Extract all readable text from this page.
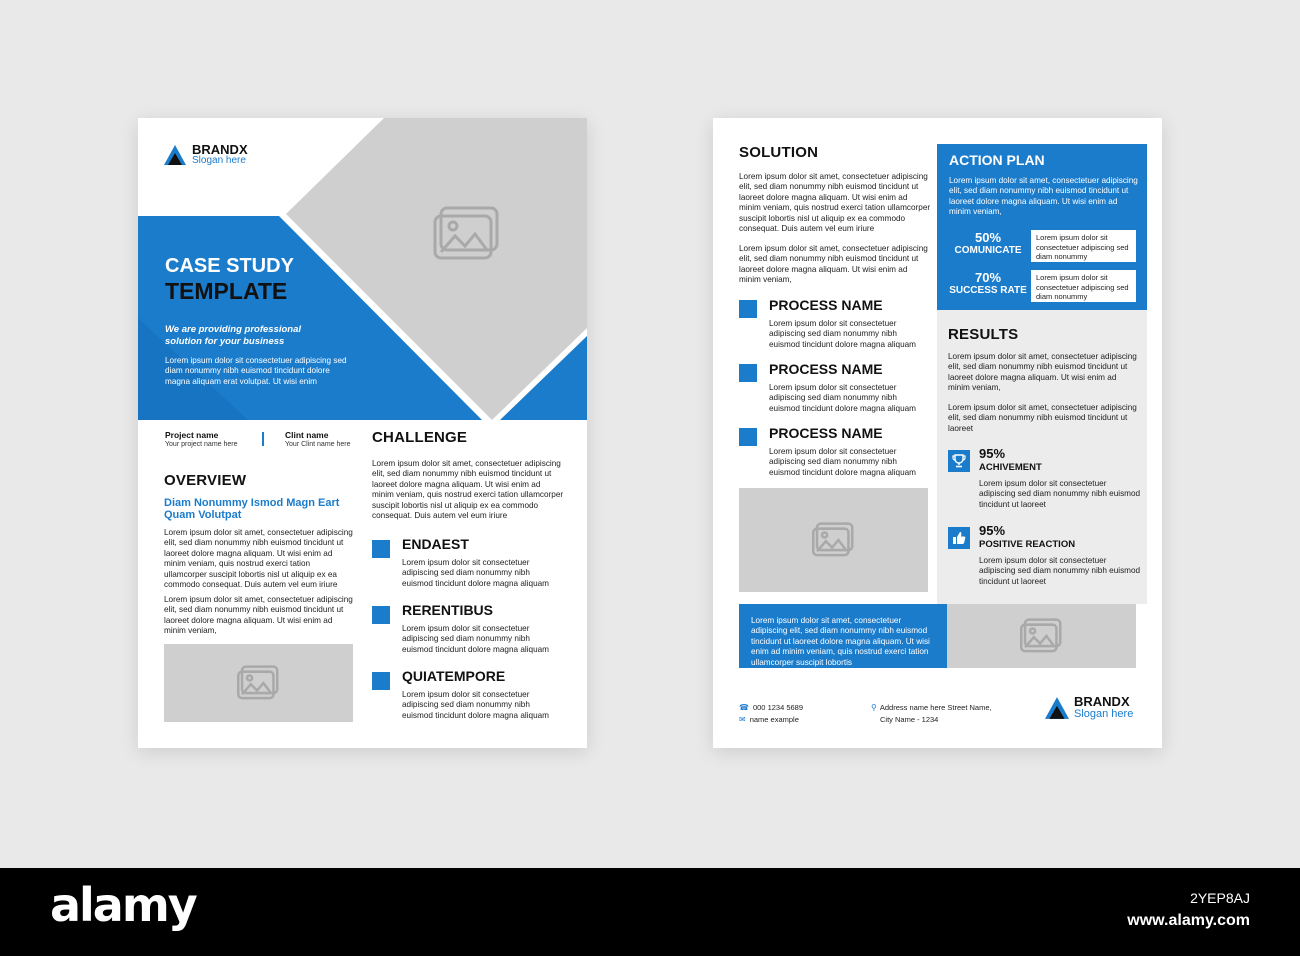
BRANDX
Slogan here
CASE STUDY
TEMPLATE
We are providing professional
solution for your business
Lorem ipsum dolor sit consectetuer adipiscing sed diam nonummy nibh euismod tincidunt dolore magna aliquam erat volutpat. Ut wisi enim
Project name
Your project name here
Clint name
Your Clint name here
OVERVIEW
Diam Nonummy Ismod Magn Eart Quam Volutpat
Lorem ipsum dolor sit amet, consectetuer adipiscing elit, sed diam nonummy nibh euismod tincidunt ut laoreet dolore magna aliquam. Ut wisi enim ad minim veniam, quis nostrud exerci tation ullamcorper suscipit lobortis nisl ut aliquip ex ea commodo consequat. Duis autem vel eum iriure
Lorem ipsum dolor sit amet, consectetuer adipiscing elit, sed diam nonummy nibh euismod tincidunt ut laoreet dolore magna aliquam. Ut wisi enim ad minim veniam,
CHALLENGE
Lorem ipsum dolor sit amet, consectetuer adipiscing elit, sed diam nonummy nibh euismod tincidunt ut laoreet dolore magna aliquam. Ut wisi enim ad minim veniam, quis nostrud exerci tation ullamcorper suscipit lobortis nisl ut aliquip ex ea commodo consequat. Duis autem vel eum iriure
ENDAEST
Lorem ipsum dolor sit consectetuer adipiscing sed diam nonummy nibh euismod tincidunt dolore magna aliquam
RERENTIBUS
Lorem ipsum dolor sit consectetuer adipiscing sed diam nonummy nibh euismod tincidunt dolore magna aliquam
QUIATEMPORE
Lorem ipsum dolor sit consectetuer adipiscing sed diam nonummy nibh euismod tincidunt dolore magna aliquam
SOLUTION
Lorem ipsum dolor sit amet, consectetuer adipiscing elit, sed diam nonummy nibh euismod tincidunt ut laoreet dolore magna aliquam. Ut wisi enim ad minim veniam, quis nostrud exerci tation ullamcorper suscipit lobortis nisl ut aliquip ex ea commodo consequat. Duis autem vel eum iriure
Lorem ipsum dolor sit amet, consectetuer adipiscing elit, sed diam nonummy nibh euismod tincidunt ut laoreet dolore magna aliquam. Ut wisi enim ad minim veniam,
PROCESS NAME
Lorem ipsum dolor sit consectetuer adipiscing sed diam nonummy nibh euismod tincidunt dolore magna aliquam
PROCESS NAME
Lorem ipsum dolor sit consectetuer adipiscing sed diam nonummy nibh euismod tincidunt dolore magna aliquam
PROCESS NAME
Lorem ipsum dolor sit consectetuer adipiscing sed diam nonummy nibh euismod tincidunt dolore magna aliquam
ACTION PLAN
Lorem ipsum dolor sit amet, consectetuer adipiscing elit, sed diam nonummy nibh euismod tincidunt ut laoreet dolore magna aliquam. Ut wisi enim ad minim veniam,
50%
COMUNICATE
Lorem ipsum dolor sit consectetuer adipiscing sed diam nonummy
70%
SUCCESS RATE
Lorem ipsum dolor sit consectetuer adipiscing sed diam nonummy
RESULTS
Lorem ipsum dolor sit amet, consectetuer adipiscing elit, sed diam nonummy nibh euismod tincidunt ut laoreet dolore magna aliquam. Ut wisi enim ad minim veniam,
Lorem ipsum dolor sit amet, consectetuer adipiscing elit, sed diam nonummy nibh euismod tincidunt ut laoreet
95%
ACHIVEMENT
Lorem ipsum dolor sit consectetuer adipiscing sed diam nonummy nibh euismod tincidunt ut laoreet
95%
POSITIVE REACTION
Lorem ipsum dolor sit consectetuer adipiscing sed diam nonummy nibh euismod tincidunt ut laoreet
Lorem ipsum dolor sit amet, consectetuer adipiscing elit, sed diam nonummy nibh euismod tincidunt ut laoreet dolore magna aliquam. Ut wisi enim ad minim veniam, quis nostrud exerci tation ullamcorper suscipit lobortis
☎ 000 1234 5689
✉ name example
⚲ Address name here Street Name,
City Name - 1234
BRANDX
Slogan here
alamy	2YEP8AJ
www.alamy.com
